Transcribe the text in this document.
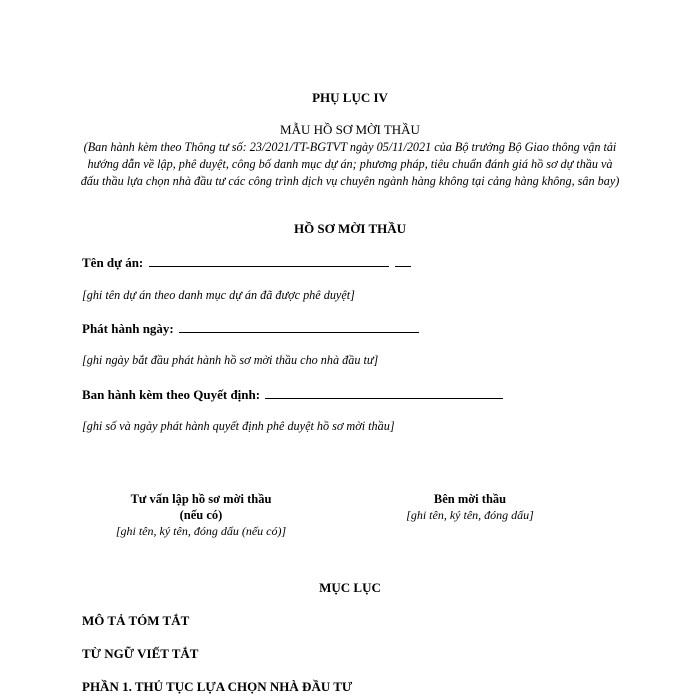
PHỤ LỤC IV
MẪU HỒ SƠ MỜI THẦU
(Ban hành kèm theo Thông tư số: 23/2021/TT-BGTVT ngày 05/11/2021 của Bộ trưởng Bộ Giao thông vận tải hướng dẫn về lập, phê duyệt, công bố danh mục dự án; phương pháp, tiêu chuẩn đánh giá hồ sơ dự thầu và đấu thầu lựa chọn nhà đầu tư các công trình dịch vụ chuyên ngành hàng không tại cảng hàng không, sân bay)
HỒ SƠ MỜI THẦU
Tên dự án:
[ghi tên dự án theo danh mục dự án đã được phê duyệt]
Phát hành ngày:
[ghi ngày bắt đầu phát hành hồ sơ mời thầu cho nhà đầu tư]
Ban hành kèm theo Quyết định:
[ghi số và ngày phát hành quyết định phê duyệt hồ sơ mời thầu]
Tư vấn lập hồ sơ mời thầu
(nếu có)
[ghi tên, ký tên, đóng dấu (nếu có)]
Bên mời thầu
[ghi tên, ký tên, đóng dấu]
MỤC LỤC
MÔ TẢ TÓM TẮT
TỪ NGỮ VIẾT TẮT
PHẦN 1. THỦ TỤC LỰA CHỌN NHÀ ĐẦU TƯ
